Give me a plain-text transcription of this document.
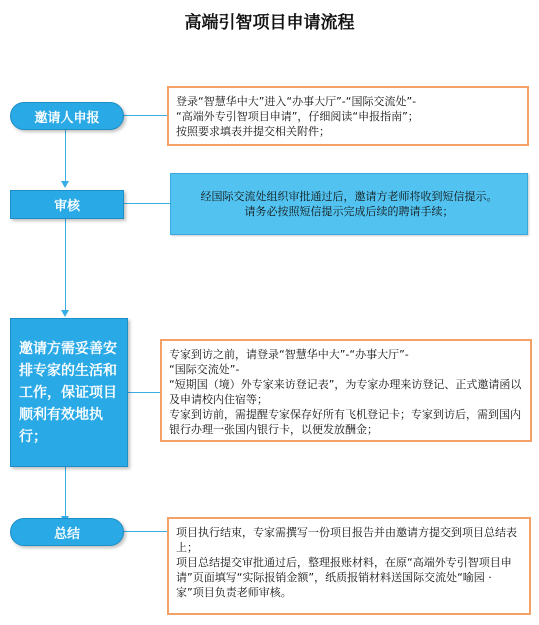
高端引智项目申请流程
邀请人申报
审核
邀请方需妥善安排专家的生活和工作，保证项目顺利有效地执行；
总结
登录“智慧华中大”进入“办事大厅”-“国际交流处”-
“高端外专引智项目申请”，仔细阅读“申报指南”；
按照要求填表并提交相关附件；
经国际交流处组织审批通过后，邀请方老师将收到短信提示。
请务必按照短信提示完成后续的聘请手续；
专家到访之前，请登录“智慧华中大”-“办事大厅”-
“国际交流处”-
“短期国（境）外专家来访登记表”，为专家办理来访登记、正式邀请函以及申请校内住宿等；
专家到访前，需提醒专家保存好所有飞机登记卡；专家到访后，需到国内银行办理一张国内银行卡，以便发放酬金；
项目执行结束，专家需撰写一份项目报告并由邀请方提交到项目总结表上；
项目总结提交审批通过后，整理报账材料，在原“高端外专引智项目申请”页面填写“实际报销金额”，纸质报销材料送国际交流处“喻园 · 家”项目负责老师审核。
